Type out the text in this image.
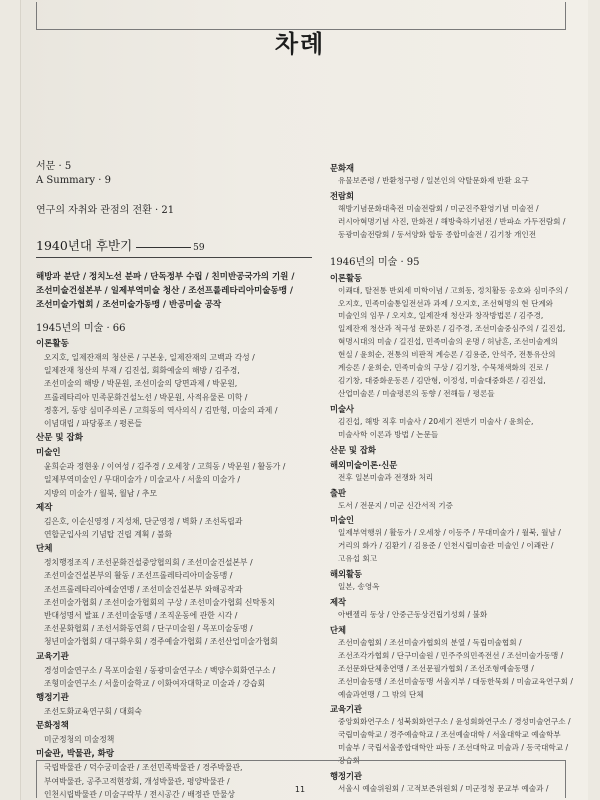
차례
서문 · 5
A Summary · 9
연구의 자취와 관점의 전환 · 21
1940년대 후반기	59
해방과 분단 / 정치노선 분파 / 단독정부 수립 / 친미반공국가의 기원 /
조선미술건설본부 / 일제부역미술 청산 / 조선프롤레타리아미술동맹 /
조선미술가협회 / 조선미술가동맹 / 반공미술 공작
1945년의 미술 · 66
이론활동
오지호, 일제잔재의 청산론 / 구본웅, 일제잔재의 고백과 각성 /
일제잔재 청산의 부재 / 김진섭, 회화예술의 해방 / 김주경,
조선미술의 해방 / 박문원, 조선미술의 당면과제 / 박문원,
프롤레타리아 민족문화건설노선 / 박문원, 사적유물론 미학 /
정홍거, 동양 심미주의론 / 고희동의 역사의식 / 김만형, 미술의 과제 /
이념대립 / 파당풍조 / 평론들
산문 및 잡화
미술인
윤희순과 정현웅 / 이여성 / 김주경 / 오세창 / 고희동 / 박문원 / 활동가 /
일제부역미술인 / 무대미술가 / 미술교사 / 서울의 미술가 /
지방의 미술가 / 월북, 월남 / 추모
제작
김은호, 이순신영정 / 지성채, 단군영정 / 벽화 / 조선독립과
연합군입사의 기념탑 건립 계획 / 불화
단체
정치행정조직 / 조선문화건설중앙협의회 / 조선미술건설본부 /
조선미술건설본부의 활동 / 조선프롤레타리아미술동맹 /
조선프롤레타리아예술연맹 / 조선미술건설본부 와해공작과
조선미술가협회 / 조선미술가협회의 구상 / 조선미술가협회 신탁통치
반대성명서 발표 / 조선미술동맹 / 조직운동에 관한 시각 /
조선문화협회 / 조선서화동연회 / 단구미술원 / 목포미술동맹 /
청년미술가협회 / 대구화우회 / 경주예술가협회 / 조선산업미술가협회
교육기관
경성미술연구소 / 목포미술원 / 동광미술연구소 / 백양수회화연구소 /
조형미술연구소 / 서울미술학교 / 이화여자대학교 미술과 / 강습회
행정기관
조선도화교육연구회 / 대회숙
문화정책
미군정청의 미술정책
미술관, 박물관, 화랑
국립박물관 / 덕수궁미술관 / 조선민족박물관 / 경주박물관,
부여박물관, 공주고적현장회, 개성박물관, 평양박물관 /
인천시립박물관 / 미술구락부 / 전시공간 / 배정관 만물상
문화재
유물보존령 / 반환청구령 / 일본인의 약탈문화재 반환 요구
전람회
해방기념문화대축전 미술전람회 / 미군진주환영기념 미술전 /
러시아혁명기념 사진, 만화전 / 해방축하기념전 / 반파쇼 가두전람회 /
동광미술전람회 / 동서양화 합동 종합미술전 / 김기창 개인전
1946년의 미술 · 95
이론활동
이쾌대, 탈전통 반외세 미학이념 / 고희동, 정치활동 옹호와 심미주의 /
오지호, 민족미술통일전선과 과제 / 오지호, 조선혁명의 현 단계와
미술인의 임무 / 오지호, 일제잔재 청산과 창작방법론 / 김주경,
일제잔재 청산과 적극성 문화론 / 김주경, 조선미술중심주의 / 길진섭,
혁명시대의 미술 / 길진섭, 민족미술의 운명 / 허남흔, 조선미술계의
현실 / 윤희순, 전통의 비판적 계승론 / 김용준, 안석주, 전통유산의
계승론 / 윤희순, 민족미술의 구상 / 김기창, 수묵채색화의 진로 /
김기창, 대중화운동론 / 김만형, 이정성, 미술대중화론 / 김진섭,
산업미술론 / 미술평론의 동향 / 전해들 / 평론들
미술사
김진섭, 해방 직후 미술사 / 20세기 전반기 미술사 / 윤희순,
미술사학 이론과 방법 / 논문들
산문 및 잡화
해외미술이론·신문
전후 일본미술과 전쟁화 처리
출판
도서 / 전문지 / 미군 신간서적 기증
미술인
일제부역행위 / 활동가 / 오세창 / 이동주 / 무대미술가 / 월북, 월남 /
거리의 화가 / 김환기 / 김용준 / 인천시립미술관 미술인 / 이쾌란 /
고유섭 회고
해외활동
일본, 송영옥
제작
아벤젤리 동상 / 안중근동상건립기성회 / 불화
단체
조선미술협회 / 조선미술가협회의 분열 / 독립미술협회 /
조선조각가협회 / 단구미술원 / 민주주의민족전선 / 조선미술가동맹 /
조선문화단체총연맹 / 조선문필가협회 / 조선조형예술동맹 /
조선미술동맹 / 조선미술동맹 서울지부 / 대동한묵회 / 미술교육연구회 /
예술과연맹 / 그 밖의 단체
교육기관
중앙회화연구소 / 성북회화연구소 / 윤성회화연구소 / 경성미술연구소 /
국립미술학교 / 경주예술학교 / 조선예술대학 / 서울대학교 예술학부
미술부 / 국립서울종합대학안 파동 / 조선대학교 미술과 / 동국대학교 /
강습회
행정기관
서울시 예술위원회 / 고적보존위원회 / 미군정청 문교부 예술과 /
11
